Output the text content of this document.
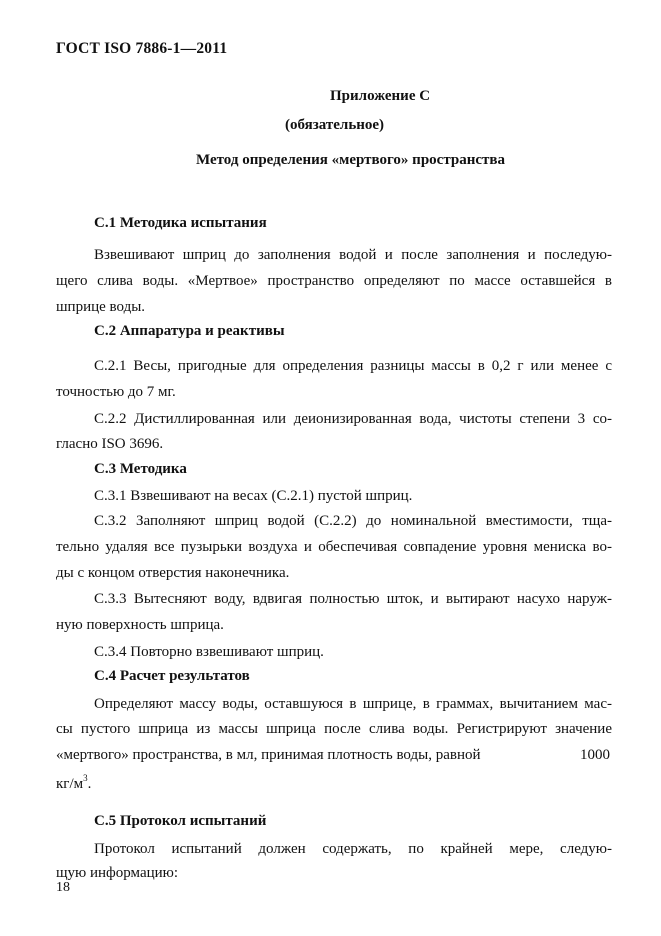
ГОСТ ISO 7886-1—2011
Приложение С
(обязательное)
Метод определения «мертвого» пространства
С.1 Методика испытания
Взвешивают шприц до заполнения водой и после заполнения и последую-
щего слива воды. «Мертвое» пространство определяют по массе оставшейся в
шприце воды.
С.2 Аппаратура и реактивы
С.2.1 Весы, пригодные для определения разницы массы в 0,2 г или менее с
точностью до 7 мг.
С.2.2 Дистиллированная или деионизированная вода, чистоты степени 3 со-
гласно ISO 3696.
С.3 Методика
С.3.1 Взвешивают на весах (С.2.1) пустой шприц.
С.3.2 Заполняют шприц водой (С.2.2) до номинальной вместимости, тща-
тельно удаляя все пузырьки воздуха и обеспечивая совпадение уровня мениска во-
ды с концом отверстия наконечника.
С.3.3 Вытесняют воду, вдвигая полностью шток, и вытирают насухо наруж-
ную поверхность шприца.
С.3.4 Повторно взвешивают шприц.
С.4 Расчет результатов
Определяют массу воды, оставшуюся в шприце, в граммах, вычитанием мас-
сы пустого шприца из массы шприца после слива воды. Регистрируют значение
«мертвого» пространства, в мл, принимая плотность воды, равной	1000
$кг/м^3$.
С.5 Протокол испытаний
Протокол испытаний должен содержать, по крайней мере, следую-
щую информацию:
18
